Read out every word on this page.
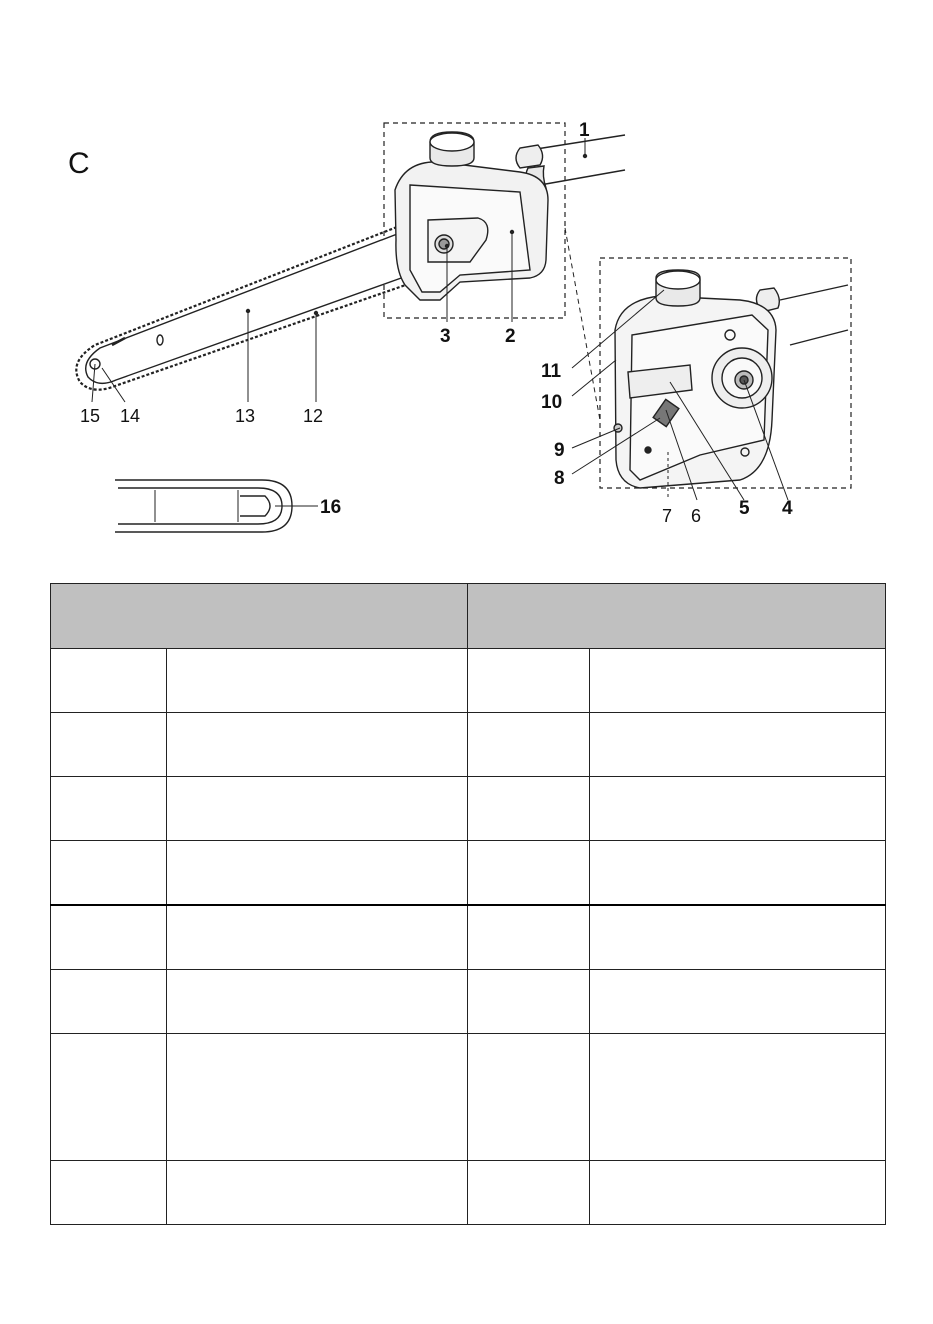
C
1
2
3
4
5
6
7
8
9
10
11
12
13
14
15
16
